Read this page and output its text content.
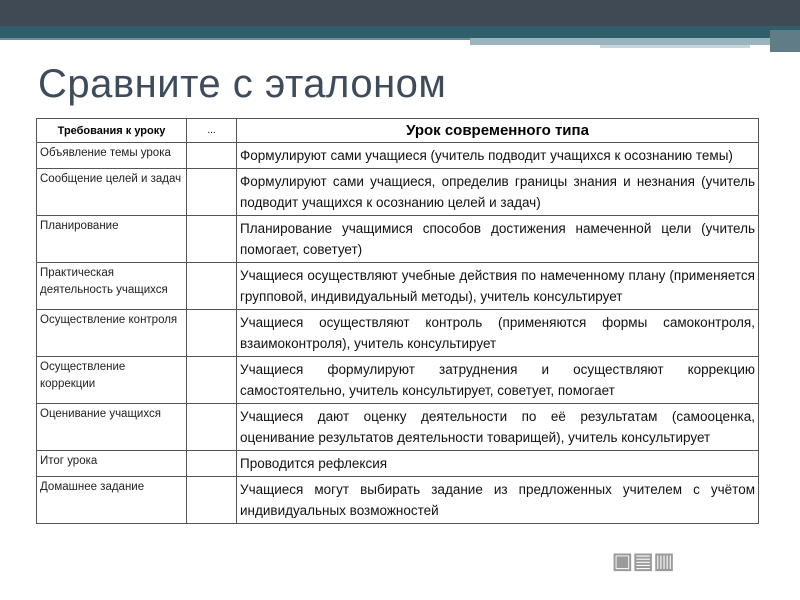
Сравните с эталоном
Требования к уроку	...	Урок современного типа
Объявление темы урока		Формулируют сами учащиеся (учитель подводит учащихся к осознанию темы)
Сообщение целей и задач		Формулируют сами учащиеся, определив границы знания и незнания (учитель подводит учащихся к осознанию целей и задач)
Планирование		Планирование учащимися способов достижения намеченной цели (учитель помогает, советует)
Практическая деятельность учащихся		Учащиеся осуществляют учебные действия по намеченному плану (применяется групповой, индивидуальный методы), учитель консультирует
Осуществление контроля		Учащиеся осуществляют контроль (применяются формы самоконтроля, взаимоконтроля), учитель консультирует
Осуществление коррекции		Учащиеся формулируют затруднения и осуществляют коррекцию самостоятельно, учитель консультирует, советует, помогает
Оценивание учащихся		Учащиеся дают оценку деятельности по её результатам (самооценка, оценивание результатов деятельности товарищей), учитель консультирует
Итог урока		Проводится рефлексия
Домашнее задание		Учащиеся могут выбирать задание из предложенных учителем с учётом индивидуальных возможностей
▣▤▥
